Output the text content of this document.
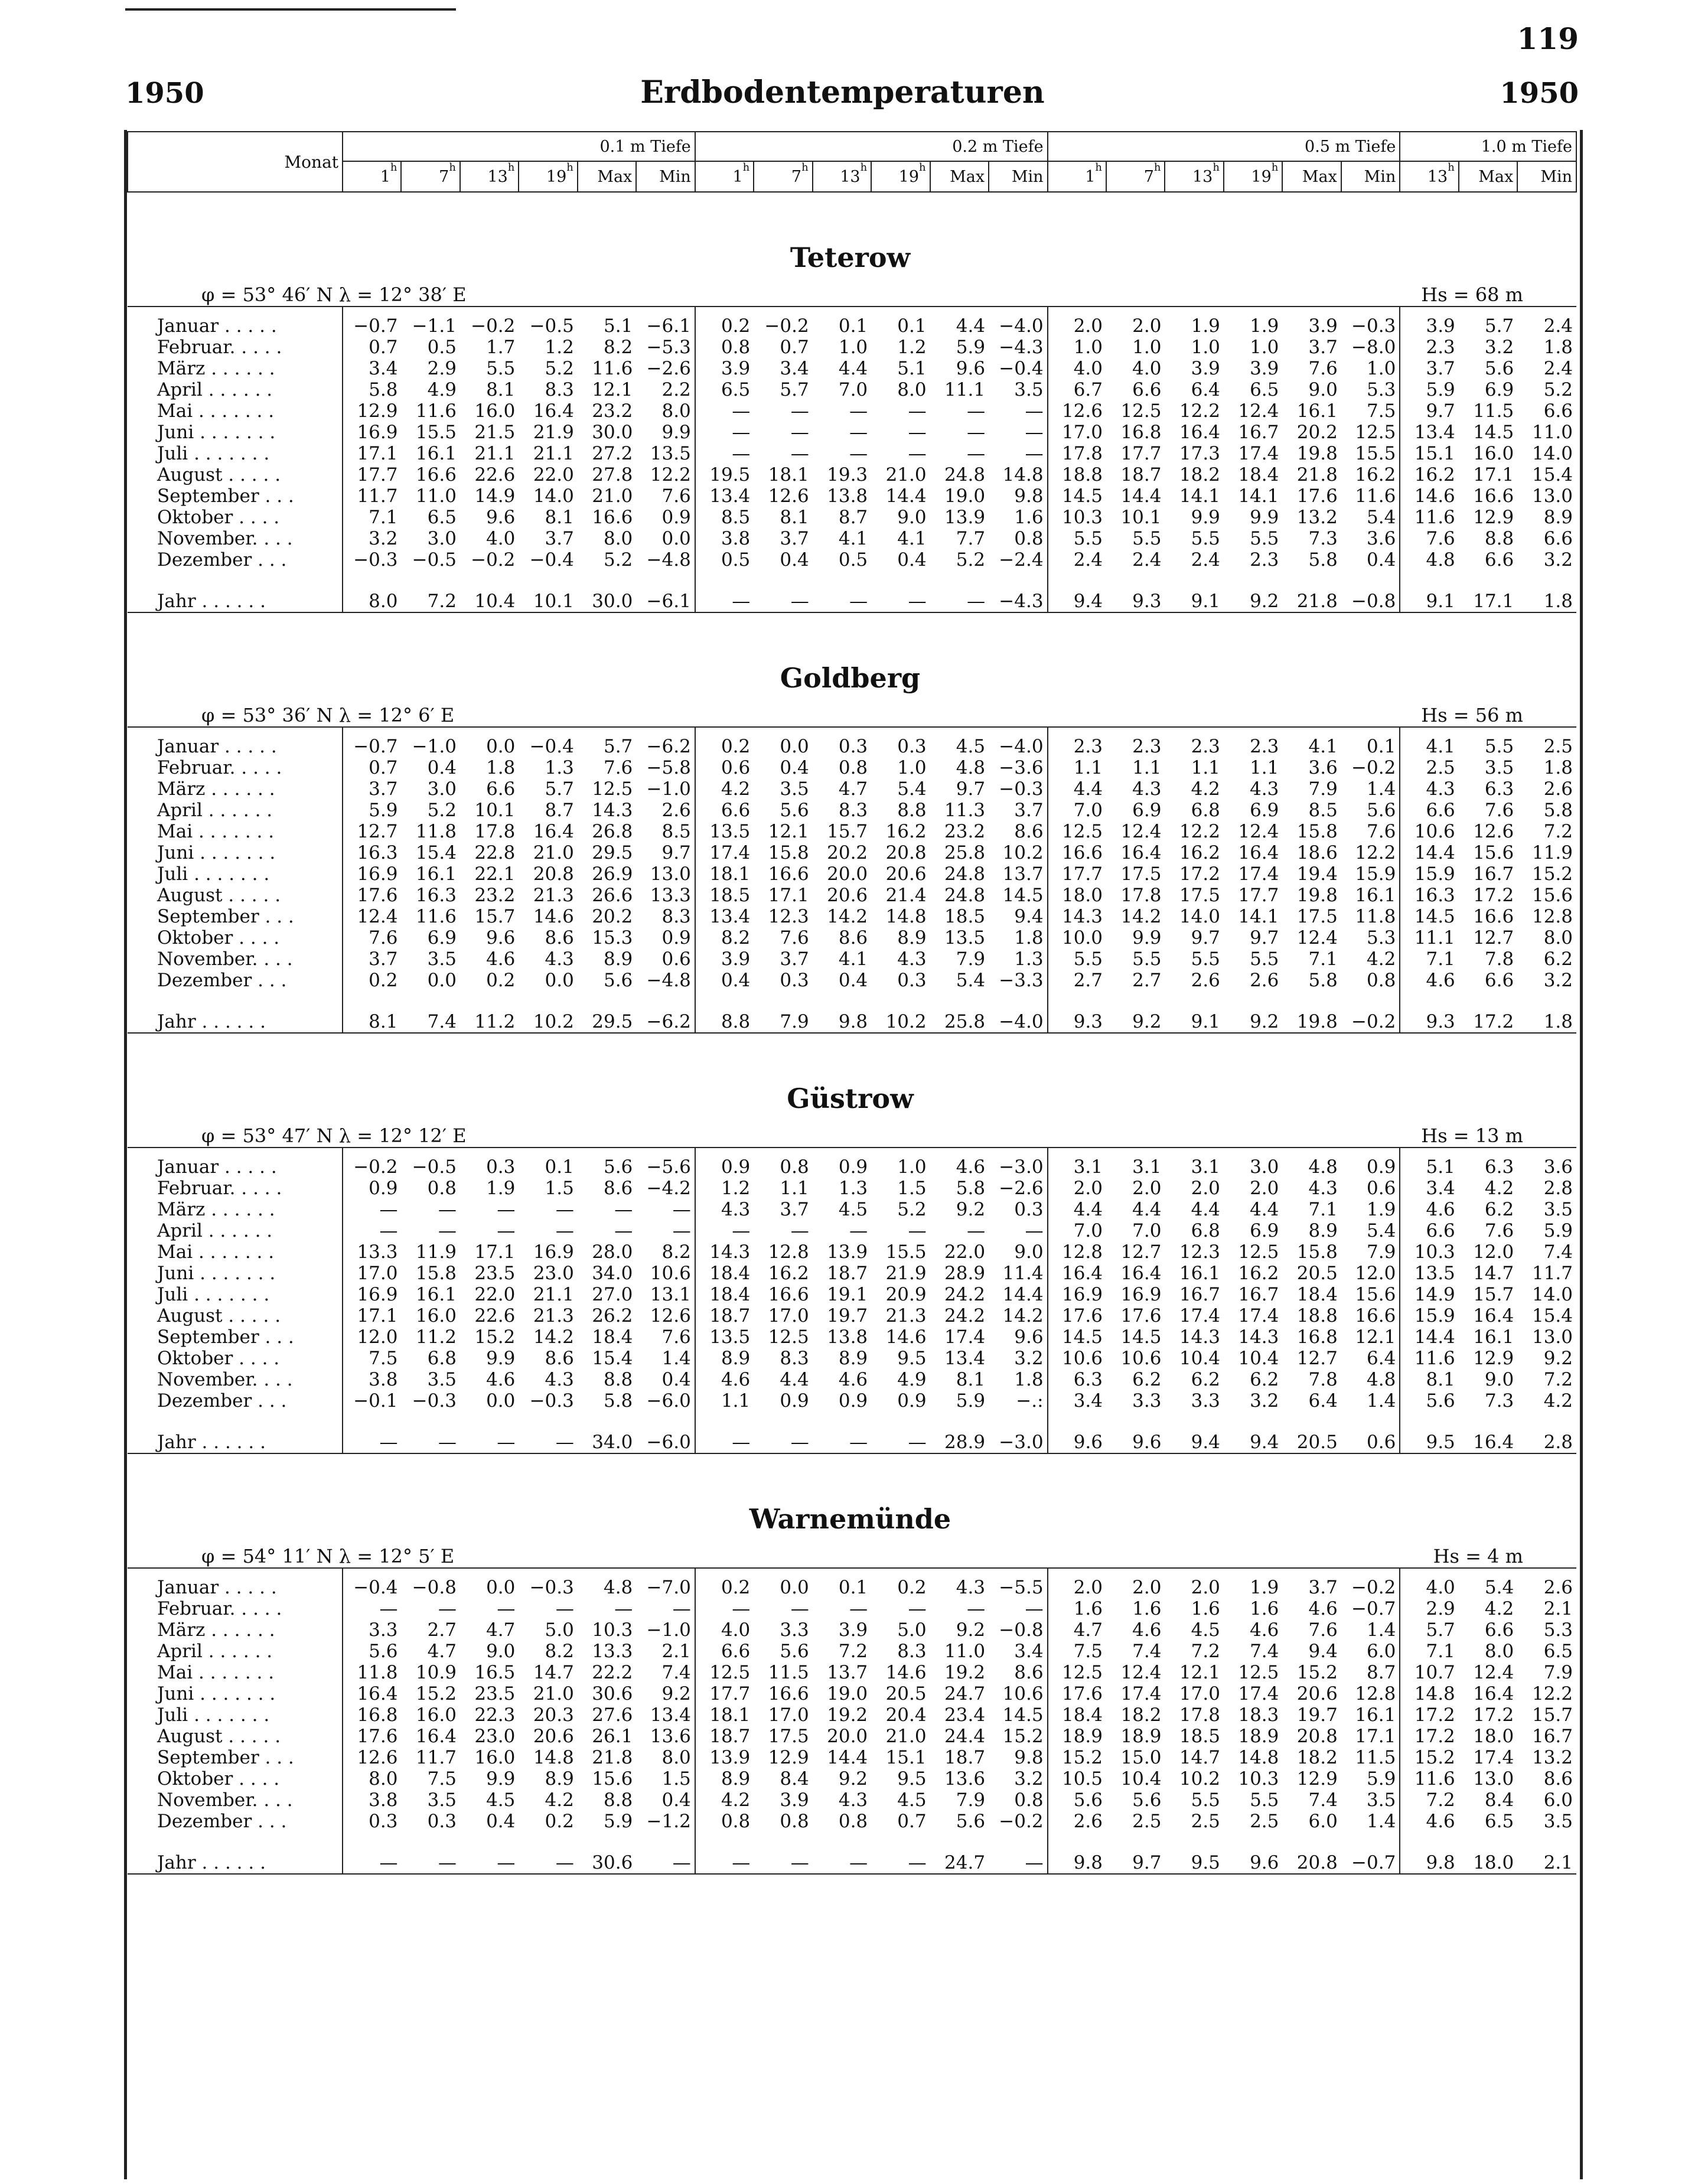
119
1950	Erdbodentemperaturen	1950
Monat	0.1 m Tiefe						0.2 m Tiefe						0.5 m Tiefe						1.0 m Tiefe		
	1$^h$	7$^h$	13$^h$	19$^h$	Max	Min	1$^h$	7$^h$	13$^h$	19$^h$	Max	Min	1$^h$	7$^h$	13$^h$	19$^h$	Max	Min	13$^h$	Max	Min
Teterow																					
φ = 53° 46′ N λ = 12° 38′ E											Hs = 68 m										
Januar . . . . .	−0.7	−1.1	−0.2	−0.5	5.1	−6.1	0.2	−0.2	0.1	0.1	4.4	−4.0	2.0	2.0	1.9	1.9	3.9	−0.3	3.9	5.7	2.4
Februar. . . . .	0.7	0.5	1.7	1.2	8.2	−5.3	0.8	0.7	1.0	1.2	5.9	−4.3	1.0	1.0	1.0	1.0	3.7	−8.0	2.3	3.2	1.8
März . . . . . .	3.4	2.9	5.5	5.2	11.6	−2.6	3.9	3.4	4.4	5.1	9.6	−0.4	4.0	4.0	3.9	3.9	7.6	1.0	3.7	5.6	2.4
April . . . . . .	5.8	4.9	8.1	8.3	12.1	2.2	6.5	5.7	7.0	8.0	11.1	3.5	6.7	6.6	6.4	6.5	9.0	5.3	5.9	6.9	5.2
Mai . . . . . . .	12.9	11.6	16.0	16.4	23.2	8.0	—	—	—	—	—	—	12.6	12.5	12.2	12.4	16.1	7.5	9.7	11.5	6.6
Juni . . . . . . .	16.9	15.5	21.5	21.9	30.0	9.9	—	—	—	—	—	—	17.0	16.8	16.4	16.7	20.2	12.5	13.4	14.5	11.0
Juli . . . . . . .	17.1	16.1	21.1	21.1	27.2	13.5	—	—	—	—	—	—	17.8	17.7	17.3	17.4	19.8	15.5	15.1	16.0	14.0
August . . . . .	17.7	16.6	22.6	22.0	27.8	12.2	19.5	18.1	19.3	21.0	24.8	14.8	18.8	18.7	18.2	18.4	21.8	16.2	16.2	17.1	15.4
September . . .	11.7	11.0	14.9	14.0	21.0	7.6	13.4	12.6	13.8	14.4	19.0	9.8	14.5	14.4	14.1	14.1	17.6	11.6	14.6	16.6	13.0
Oktober . . . .	7.1	6.5	9.6	8.1	16.6	0.9	8.5	8.1	8.7	9.0	13.9	1.6	10.3	10.1	9.9	9.9	13.2	5.4	11.6	12.9	8.9
November. . . .	3.2	3.0	4.0	3.7	8.0	0.0	3.8	3.7	4.1	4.1	7.7	0.8	5.5	5.5	5.5	5.5	7.3	3.6	7.6	8.8	6.6
Dezember . . .	−0.3	−0.5	−0.2	−0.4	5.2	−4.8	0.5	0.4	0.5	0.4	5.2	−2.4	2.4	2.4	2.4	2.3	5.8	0.4	4.8	6.6	3.2
Jahr . . . . . .	8.0	7.2	10.4	10.1	30.0	−6.1	—	—	—	—	—	−4.3	9.4	9.3	9.1	9.2	21.8	−0.8	9.1	17.1	1.8
Goldberg																					
φ = 53° 36′ N λ = 12° 6′ E											Hs = 56 m										
Januar . . . . .	−0.7	−1.0	0.0	−0.4	5.7	−6.2	0.2	0.0	0.3	0.3	4.5	−4.0	2.3	2.3	2.3	2.3	4.1	0.1	4.1	5.5	2.5
Februar. . . . .	0.7	0.4	1.8	1.3	7.6	−5.8	0.6	0.4	0.8	1.0	4.8	−3.6	1.1	1.1	1.1	1.1	3.6	−0.2	2.5	3.5	1.8
März . . . . . .	3.7	3.0	6.6	5.7	12.5	−1.0	4.2	3.5	4.7	5.4	9.7	−0.3	4.4	4.3	4.2	4.3	7.9	1.4	4.3	6.3	2.6
April . . . . . .	5.9	5.2	10.1	8.7	14.3	2.6	6.6	5.6	8.3	8.8	11.3	3.7	7.0	6.9	6.8	6.9	8.5	5.6	6.6	7.6	5.8
Mai . . . . . . .	12.7	11.8	17.8	16.4	26.8	8.5	13.5	12.1	15.7	16.2	23.2	8.6	12.5	12.4	12.2	12.4	15.8	7.6	10.6	12.6	7.2
Juni . . . . . . .	16.3	15.4	22.8	21.0	29.5	9.7	17.4	15.8	20.2	20.8	25.8	10.2	16.6	16.4	16.2	16.4	18.6	12.2	14.4	15.6	11.9
Juli . . . . . . .	16.9	16.1	22.1	20.8	26.9	13.0	18.1	16.6	20.0	20.6	24.8	13.7	17.7	17.5	17.2	17.4	19.4	15.9	15.9	16.7	15.2
August . . . . .	17.6	16.3	23.2	21.3	26.6	13.3	18.5	17.1	20.6	21.4	24.8	14.5	18.0	17.8	17.5	17.7	19.8	16.1	16.3	17.2	15.6
September . . .	12.4	11.6	15.7	14.6	20.2	8.3	13.4	12.3	14.2	14.8	18.5	9.4	14.3	14.2	14.0	14.1	17.5	11.8	14.5	16.6	12.8
Oktober . . . .	7.6	6.9	9.6	8.6	15.3	0.9	8.2	7.6	8.6	8.9	13.5	1.8	10.0	9.9	9.7	9.7	12.4	5.3	11.1	12.7	8.0
November. . . .	3.7	3.5	4.6	4.3	8.9	0.6	3.9	3.7	4.1	4.3	7.9	1.3	5.5	5.5	5.5	5.5	7.1	4.2	7.1	7.8	6.2
Dezember . . .	0.2	0.0	0.2	0.0	5.6	−4.8	0.4	0.3	0.4	0.3	5.4	−3.3	2.7	2.7	2.6	2.6	5.8	0.8	4.6	6.6	3.2
Jahr . . . . . .	8.1	7.4	11.2	10.2	29.5	−6.2	8.8	7.9	9.8	10.2	25.8	−4.0	9.3	9.2	9.1	9.2	19.8	−0.2	9.3	17.2	1.8
Güstrow																					
φ = 53° 47′ N λ = 12° 12′ E											Hs = 13 m										
Januar . . . . .	−0.2	−0.5	0.3	0.1	5.6	−5.6	0.9	0.8	0.9	1.0	4.6	−3.0	3.1	3.1	3.1	3.0	4.8	0.9	5.1	6.3	3.6
Februar. . . . .	0.9	0.8	1.9	1.5	8.6	−4.2	1.2	1.1	1.3	1.5	5.8	−2.6	2.0	2.0	2.0	2.0	4.3	0.6	3.4	4.2	2.8
März . . . . . .	—	—	—	—	—	—	4.3	3.7	4.5	5.2	9.2	0.3	4.4	4.4	4.4	4.4	7.1	1.9	4.6	6.2	3.5
April . . . . . .	—	—	—	—	—	—	—	—	—	—	—	—	7.0	7.0	6.8	6.9	8.9	5.4	6.6	7.6	5.9
Mai . . . . . . .	13.3	11.9	17.1	16.9	28.0	8.2	14.3	12.8	13.9	15.5	22.0	9.0	12.8	12.7	12.3	12.5	15.8	7.9	10.3	12.0	7.4
Juni . . . . . . .	17.0	15.8	23.5	23.0	34.0	10.6	18.4	16.2	18.7	21.9	28.9	11.4	16.4	16.4	16.1	16.2	20.5	12.0	13.5	14.7	11.7
Juli . . . . . . .	16.9	16.1	22.0	21.1	27.0	13.1	18.4	16.6	19.1	20.9	24.2	14.4	16.9	16.9	16.7	16.7	18.4	15.6	14.9	15.7	14.0
August . . . . .	17.1	16.0	22.6	21.3	26.2	12.6	18.7	17.0	19.7	21.3	24.2	14.2	17.6	17.6	17.4	17.4	18.8	16.6	15.9	16.4	15.4
September . . .	12.0	11.2	15.2	14.2	18.4	7.6	13.5	12.5	13.8	14.6	17.4	9.6	14.5	14.5	14.3	14.3	16.8	12.1	14.4	16.1	13.0
Oktober . . . .	7.5	6.8	9.9	8.6	15.4	1.4	8.9	8.3	8.9	9.5	13.4	3.2	10.6	10.6	10.4	10.4	12.7	6.4	11.6	12.9	9.2
November. . . .	3.8	3.5	4.6	4.3	8.8	0.4	4.6	4.4	4.6	4.9	8.1	1.8	6.3	6.2	6.2	6.2	7.8	4.8	8.1	9.0	7.2
Dezember . . .	−0.1	−0.3	0.0	−0.3	5.8	−6.0	1.1	0.9	0.9	0.9	5.9	−.:	3.4	3.3	3.3	3.2	6.4	1.4	5.6	7.3	4.2
Jahr . . . . . .	—	—	—	—	34.0	−6.0	—	—	—	—	28.9	−3.0	9.6	9.6	9.4	9.4	20.5	0.6	9.5	16.4	2.8
Warnemünde																					
φ = 54° 11′ N λ = 12° 5′ E											Hs = 4 m										
Januar . . . . .	−0.4	−0.8	0.0	−0.3	4.8	−7.0	0.2	0.0	0.1	0.2	4.3	−5.5	2.0	2.0	2.0	1.9	3.7	−0.2	4.0	5.4	2.6
Februar. . . . .	—	—	—	—	—	—	—	—	—	—	—	—	1.6	1.6	1.6	1.6	4.6	−0.7	2.9	4.2	2.1
März . . . . . .	3.3	2.7	4.7	5.0	10.3	−1.0	4.0	3.3	3.9	5.0	9.2	−0.8	4.7	4.6	4.5	4.6	7.6	1.4	5.7	6.6	5.3
April . . . . . .	5.6	4.7	9.0	8.2	13.3	2.1	6.6	5.6	7.2	8.3	11.0	3.4	7.5	7.4	7.2	7.4	9.4	6.0	7.1	8.0	6.5
Mai . . . . . . .	11.8	10.9	16.5	14.7	22.2	7.4	12.5	11.5	13.7	14.6	19.2	8.6	12.5	12.4	12.1	12.5	15.2	8.7	10.7	12.4	7.9
Juni . . . . . . .	16.4	15.2	23.5	21.0	30.6	9.2	17.7	16.6	19.0	20.5	24.7	10.6	17.6	17.4	17.0	17.4	20.6	12.8	14.8	16.4	12.2
Juli . . . . . . .	16.8	16.0	22.3	20.3	27.6	13.4	18.1	17.0	19.2	20.4	23.4	14.5	18.4	18.2	17.8	18.3	19.7	16.1	17.2	17.2	15.7
August . . . . .	17.6	16.4	23.0	20.6	26.1	13.6	18.7	17.5	20.0	21.0	24.4	15.2	18.9	18.9	18.5	18.9	20.8	17.1	17.2	18.0	16.7
September . . .	12.6	11.7	16.0	14.8	21.8	8.0	13.9	12.9	14.4	15.1	18.7	9.8	15.2	15.0	14.7	14.8	18.2	11.5	15.2	17.4	13.2
Oktober . . . .	8.0	7.5	9.9	8.9	15.6	1.5	8.9	8.4	9.2	9.5	13.6	3.2	10.5	10.4	10.2	10.3	12.9	5.9	11.6	13.0	8.6
November. . . .	3.8	3.5	4.5	4.2	8.8	0.4	4.2	3.9	4.3	4.5	7.9	0.8	5.6	5.6	5.5	5.5	7.4	3.5	7.2	8.4	6.0
Dezember . . .	0.3	0.3	0.4	0.2	5.9	−1.2	0.8	0.8	0.8	0.7	5.6	−0.2	2.6	2.5	2.5	2.5	6.0	1.4	4.6	6.5	3.5
Jahr . . . . . .	—	—	—	—	30.6	—	—	—	—	—	24.7	—	9.8	9.7	9.5	9.6	20.8	−0.7	9.8	18.0	2.1
